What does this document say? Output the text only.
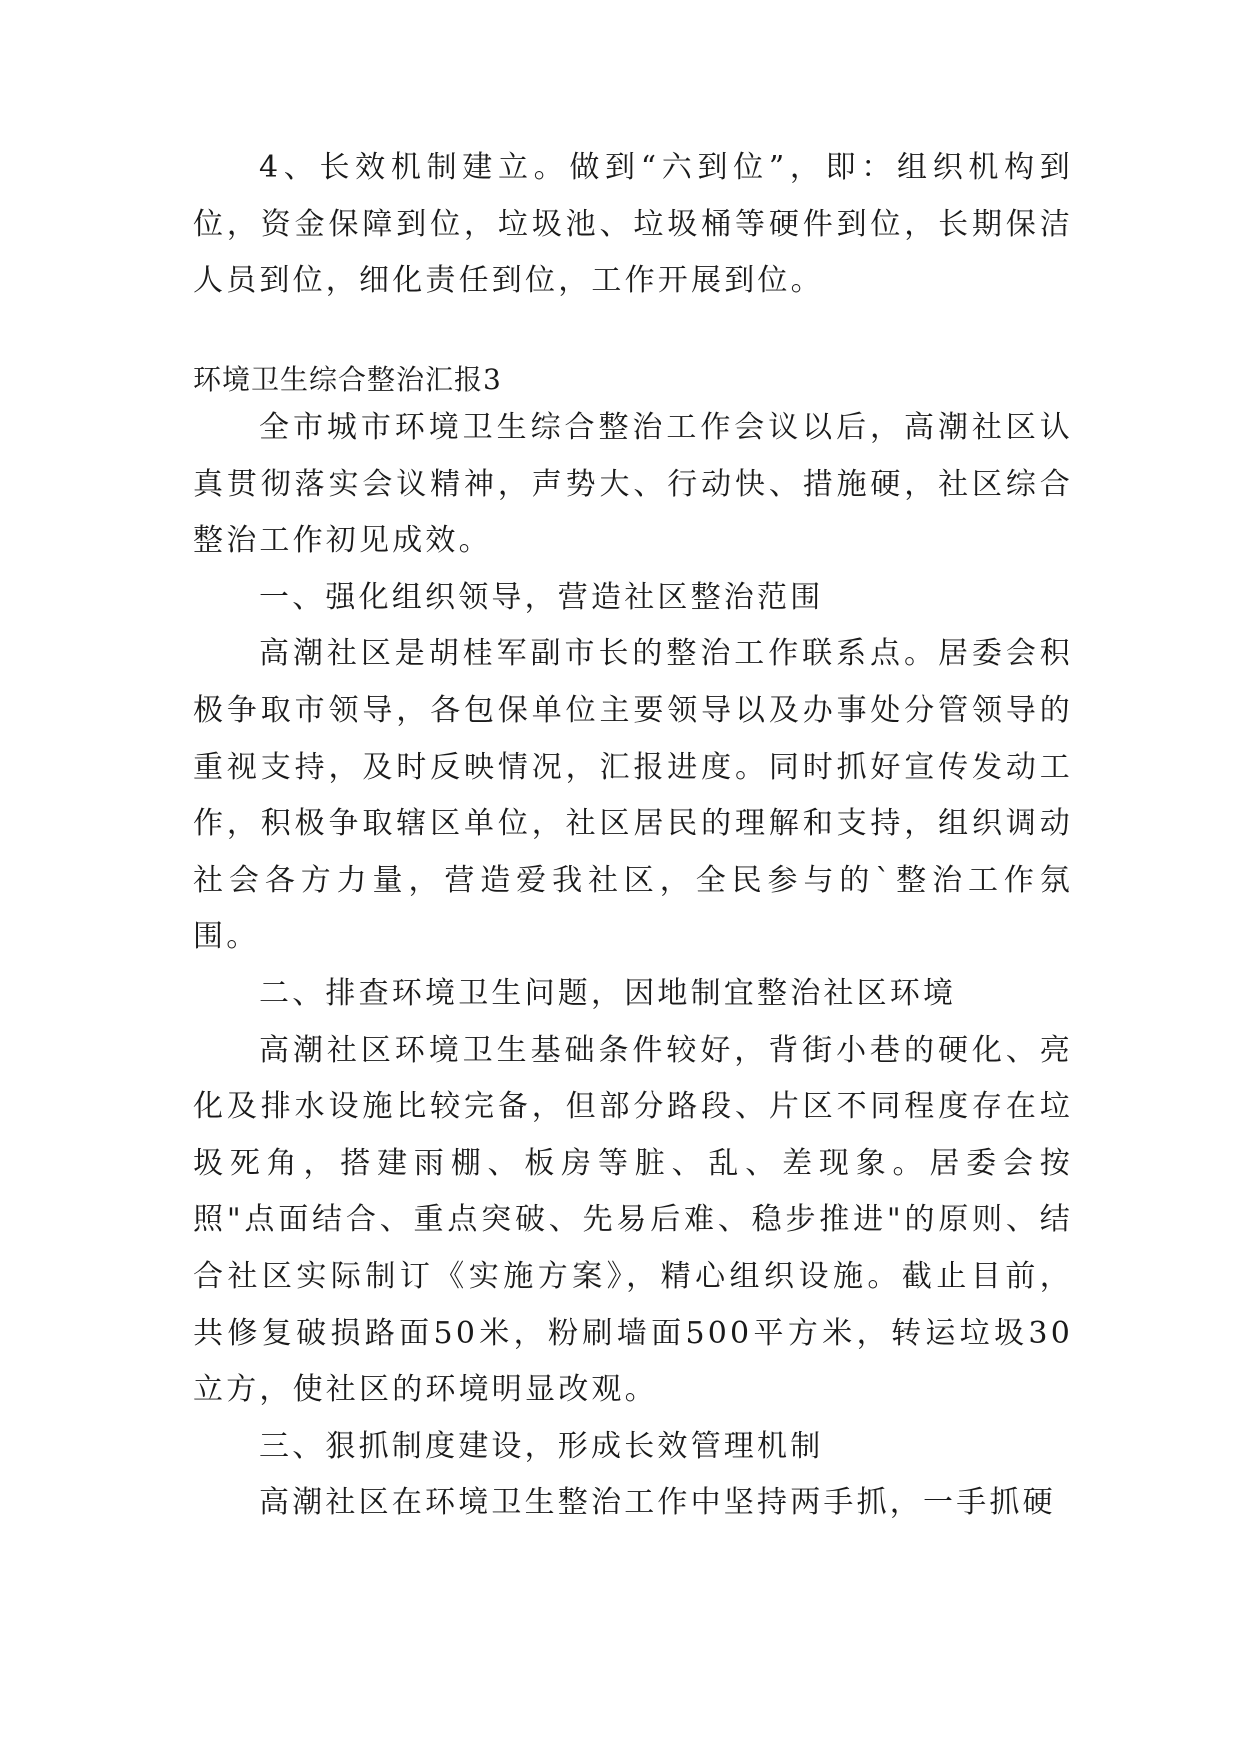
4、长效机制建立。做到“六到位”，即：组织机构到位，资金保障到位，垃圾池、垃圾桶等硬件到位，长期保洁人员到位，细化责任到位，工作开展到位。

环境卫生综合整治汇报3

全市城市环境卫生综合整治工作会议以后，高潮社区认真贯彻落实会议精神，声势大、行动快、措施硬，社区综合整治工作初见成效。

一、强化组织领导，营造社区整治范围

高潮社区是胡桂军副市长的整治工作联系点。居委会积极争取市领导，各包保单位主要领导以及办事处分管领导的重视支持，及时反映情况，汇报进度。同时抓好宣传发动工作，积极争取辖区单位，社区居民的理解和支持，组织调动社会各方力量，营造爱我社区，全民参与的`整治工作氛围。

二、排查环境卫生问题，因地制宜整治社区环境

高潮社区环境卫生基础条件较好，背街小巷的硬化、亮化及排水设施比较完备，但部分路段、片区不同程度存在垃圾死角，搭建雨棚、板房等脏、乱、差现象。居委会按照"点面结合、重点突破、先易后难、稳步推进"的原则、结合社区实际制订《实施方案》，精心组织设施。截止目前，共修复破损路面50米，粉刷墙面500平方米，转运垃圾30立方，使社区的环境明显改观。

三、狠抓制度建设，形成长效管理机制

高潮社区在环境卫生整治工作中坚持两手抓，一手抓硬
